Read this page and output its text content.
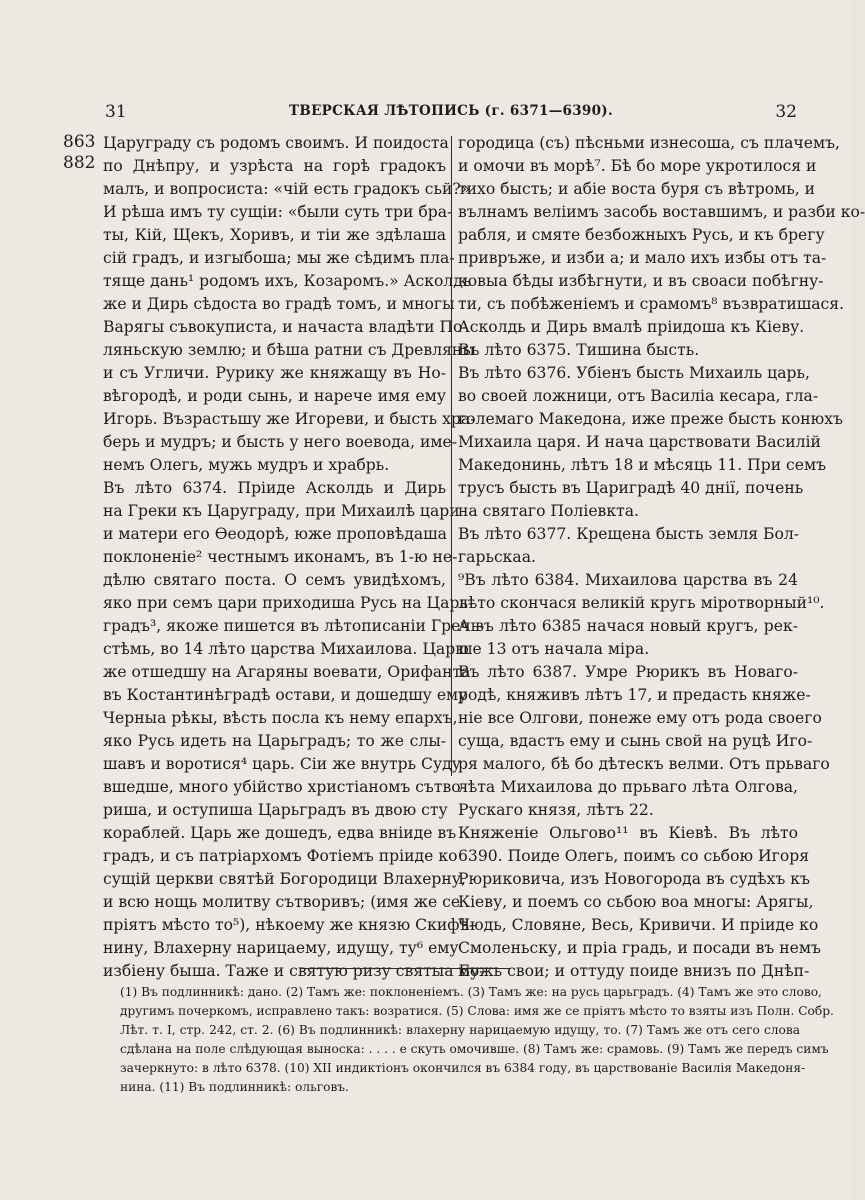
31	ТВЕРСКАЯ ЛѢТОПИСЬ (г. 6371—6390).	32
863
882
Царуграду съ родомъ своимъ. И поидоста
по Днѣпру, и узрѣста на горѣ градокъ
малъ, и вопросиста: «чій есть градокъ сьй?»
И рѣша имъ ту сущіи: «были суть три бра-
ты, Кій, Щекъ, Хоривъ, и тіи же здѣлаша
сій градъ, и изгыбоша; мы же сѣдимъ пла-
тяще дань¹ родомъ ихъ, Козаромъ.» Асколдь
же и Дирь сѣдоста во градѣ томъ, и многы
Варягы съвокуписта, и начаста владѣти По-
ляньскую землю; и бѣша ратни съ Древляны
и съ Угличи. Рурику же княжащу въ Но-
вѣгородѣ, и роди сынь, и нарече имя ему
Игорь. Възрастьшу же Игореви, и бысть хра-
берь и мудръ; и бысть у него воевода, име-
немъ Олегь, мужь мудръ и храбрь.
Въ лѣто 6374. Пріиде Асколдь и Дирь
на Греки къ Царуграду, при Михаилѣ цари
и матери его Ѳеодорѣ, юже проповѣдаша
поклоненіе² честнымъ иконамъ, въ 1-ю не-
дѣлю святаго поста. О семъ увидѣхомъ,
яко при семъ цари приходиша Русь на Царь-
градъ³, якоже пишется въ лѣтописаніи Гречь-
стѣмь, во 14 лѣто царства Михаилова. Царю
же отшедшу на Агаряны воевати, Орифанта
въ Костантинѣградѣ остави, и дошедшу ему
Черныа рѣкы, вѣсть посла къ нему епархъ,
яко Русь идеть на Царьградъ; то же слы-
шавъ и воротися⁴ царь. Сіи же внутрь Суду
вшедше, много убійство христіаномъ сътво-
риша, и оступиша Царьградъ въ двою сту
кораблей. Царь же дошедъ, едва вніиде въ
градъ, и съ патріархомъ Фотіемъ пріиде ко
сущій церкви святѣй Богородици Влахерну,
и всю нощь молитву сътворивъ; (имя же се
пріятъ мѣсто то⁵), нѣкоему же князю Скифѣ-
нину, Влахерну нарицаему, идущу, ту⁶ ему
избіену быша. Таже и святую ризу святыа Бо-
городица (съ) пѣсньми изнесоша, съ плачемъ,
и омочи въ морѣ⁷. Бѣ бо море укротилося и
тихо бысть; и абіе воста буря съ вѣтромь, и
вълнамъ веліимъ засобь воставшимъ, и разби ко-
рабля, и смяте безбожныхъ Русь, и къ брегу
привръже, и изби а; и мало ихъ избы отъ та-
ковыа бѣды избѣгнути, и въ своаси побѣгну-
ти, съ побѣженіемъ и срамомъ⁸ възвратишася.
Асколдь и Дирь вмалѣ пріидоша къ Кіеву.
Въ лѣто 6375. Тишина бысть.
Въ лѣто 6376. Убіенъ бысть Михаиль царь,
во своей ложници, отъ Василіа кесара, гла-
големаго Македона, иже преже бысть конюхъ
Михаила царя. И нача царствовати Василій
Македонинь, лѣтъ 18 и мѣсяць 11. При семъ
трусъ бысть въ Цариградѣ 40 днії, почень
на святаго Поліевкта.
Въ лѣто 6377. Крещена бысть земля Бол-
гарьскаа.
⁹Въ лѣто 6384. Михаилова царства въ 24
лѣто скончася великій кругь міротворный¹⁰.
А въ лѣто 6385 начася новый кругъ, рек-
ше 13 отъ начала міра.
Въ лѣто 6387. Умре Рюрикъ въ Новаго-
родѣ, княживъ лѣтъ 17, и предасть княже-
ніе все Олгови, понеже ему отъ рода своего
суща, вдастъ ему и сынь свой на руцѣ Иго-
ря малого, бѣ бо дѣтескъ велми. Отъ прьваго
лѣта Михаилова до прьваго лѣта Олгова,
Рускаго князя, лѣтъ 22.
Княженіе Ольгово¹¹ въ Кіевѣ. Въ лѣто
6390. Поиде Олегь, поимъ со сьбою Игоря
Рюриковича, изъ Новогорода въ судѣхъ къ
Кіеву, и поемъ со сьбою воа многы: Арягы,
Чюдь, Словяне, Весь, Кривичи. И пріиде ко
Смоленьску, и пріа градь, и посади въ немъ
мужь свои; и оттуду поиде внизъ по Днѣп-
(1) Въ подлинникѣ: дано. (2) Тамъ же: поклоненіемъ. (3) Тамъ же: на русь царьградъ. (4) Тамъ же это слово,
другимъ почеркомъ, исправлено такъ: возратися. (5) Слова: имя же се пріятъ мѣсто то взяты изъ Полн. Собр.
Лѣт. т. I, стр. 242, ст. 2. (6) Въ подлинникѣ: влахерну нарицаемую идущу, то. (7) Тамъ же отъ сего слова
сдѣлана на поле слѣдующая выноска: . . . . е скуть омочивше. (8) Тамъ же: срамовь. (9) Тамъ же передъ симъ
зачеркнуто: в лѣто 6378. (10) XII индиктіонъ окончился въ 6384 году, въ царствованіе Василія Македоня-
нина. (11) Въ подлинникѣ: ольговъ.
